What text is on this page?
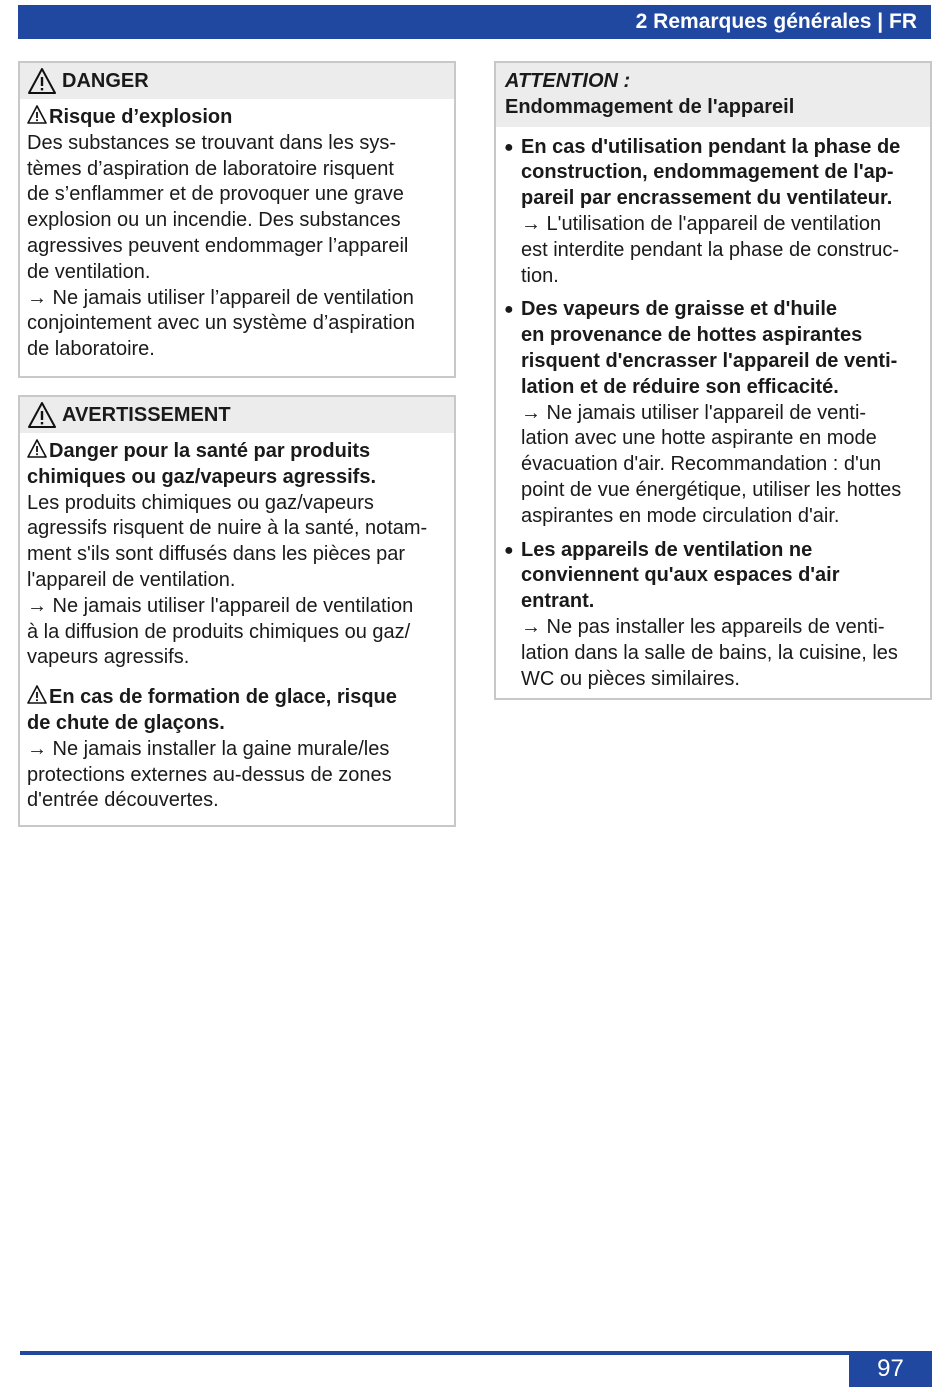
2 Remarques générales | FR
DANGER

Risque d’explosion

Des substances se trouvant dans les sys-

tèmes d’aspiration de laboratoire risquent

de s’enflammer et de provoquer une grave

explosion ou un incendie. Des substances

agressives peuvent endommager l’appareil

de ventilation.

→ Ne jamais utiliser l’appareil de ventilation

conjointement avec un système d’aspiration

de laboratoire.

AVERTISSEMENT

Danger pour la santé par produits

chimiques ou gaz/vapeurs agressifs.

Les produits chimiques ou gaz/vapeurs

agressifs risquent de nuire à la santé, notam-

ment s'ils sont diffusés dans les pièces par

l'appareil de ventilation.

→ Ne jamais utiliser l'appareil de ventilation

à la diffusion de produits chimiques ou gaz/

vapeurs agressifs.

En cas de formation de glace, risque

de chute de glaçons.

→ Ne jamais installer la gaine murale/les

protections externes au-dessus de zones

d'entrée découvertes.

ATTENTION :
Endommagement de l'appareil
● En cas d'utilisation pendant la phase de
construction, endommagement de l'ap-
pareil par encrassement du ventilateur.
→ L'utilisation de l'appareil de ventilation
est interdite pendant la phase de construc-
tion.
● Des vapeurs de graisse et d'huile
en provenance de hottes aspirantes
risquent d'encrasser l'appareil de venti-
lation et de réduire son efficacité.
→ Ne jamais utiliser l'appareil de venti-
lation avec une hotte aspirante en mode
évacuation d'air. Recommandation : d'un
point de vue énergétique, utiliser les hottes
aspirantes en mode circulation d'air.
● Les appareils de ventilation ne
conviennent qu'aux espaces d'air
entrant.
→ Ne pas installer les appareils de venti-
lation dans la salle de bains, la cuisine, les
WC ou pièces similaires.
97
